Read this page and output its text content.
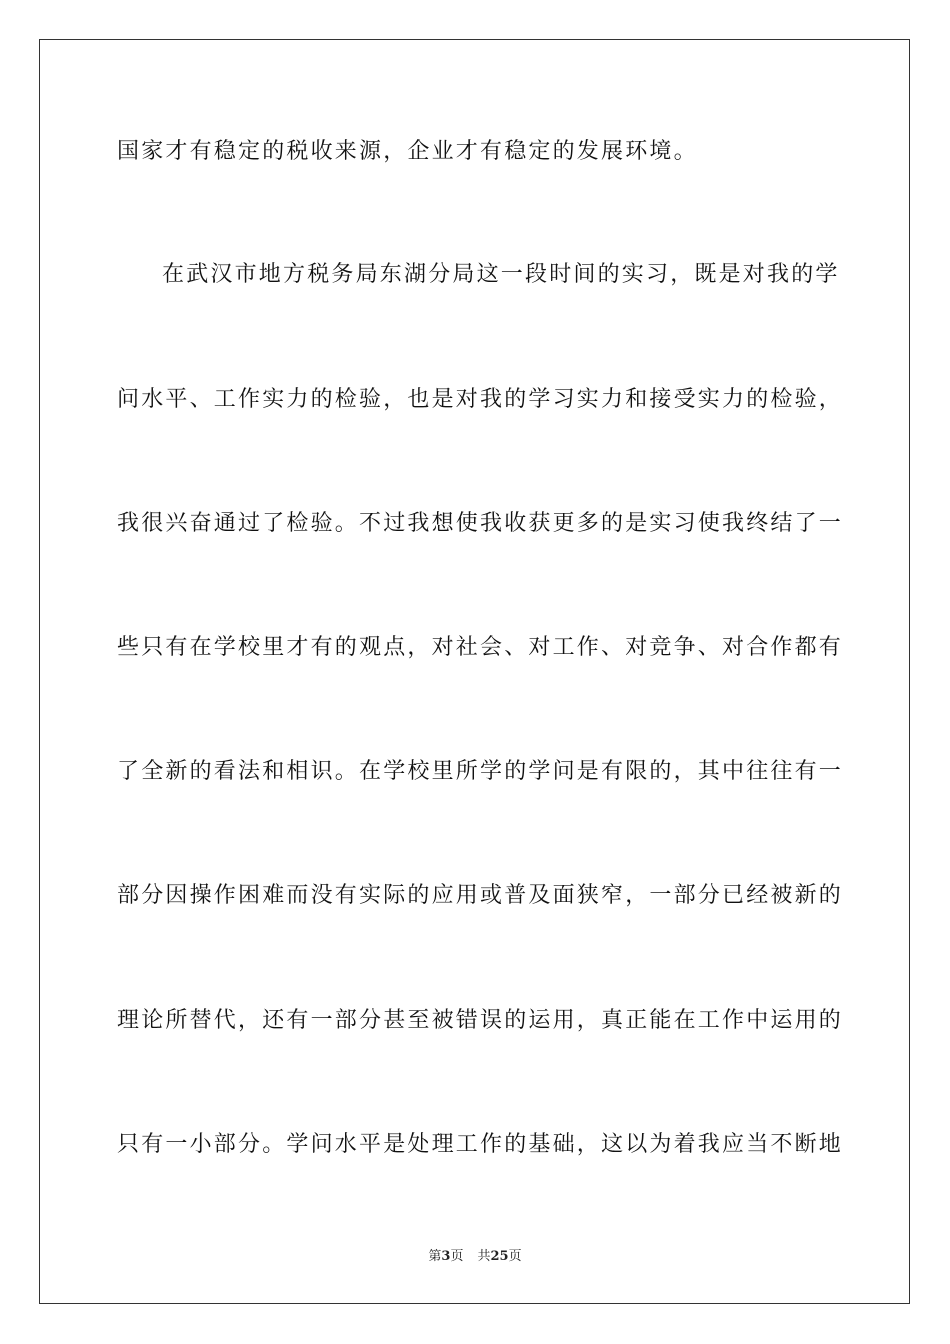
国家才有稳定的税收来源，企业才有稳定的发展环境。
在武汉市地方税务局东湖分局这一段时间的实习，既是对我的学
问水平、工作实力的检验，也是对我的学习实力和接受实力的检验，
我很兴奋通过了检验。不过我想使我收获更多的是实习使我终结了一
些只有在学校里才有的观点，对社会、对工作、对竞争、对合作都有
了全新的看法和相识。在学校里所学的学问是有限的，其中往往有一
部分因操作困难而没有实际的应用或普及面狭窄，一部分已经被新的
理论所替代，还有一部分甚至被错误的运用，真正能在工作中运用的
只有一小部分。学问水平是处理工作的基础，这以为着我应当不断地
第3页 共25页
